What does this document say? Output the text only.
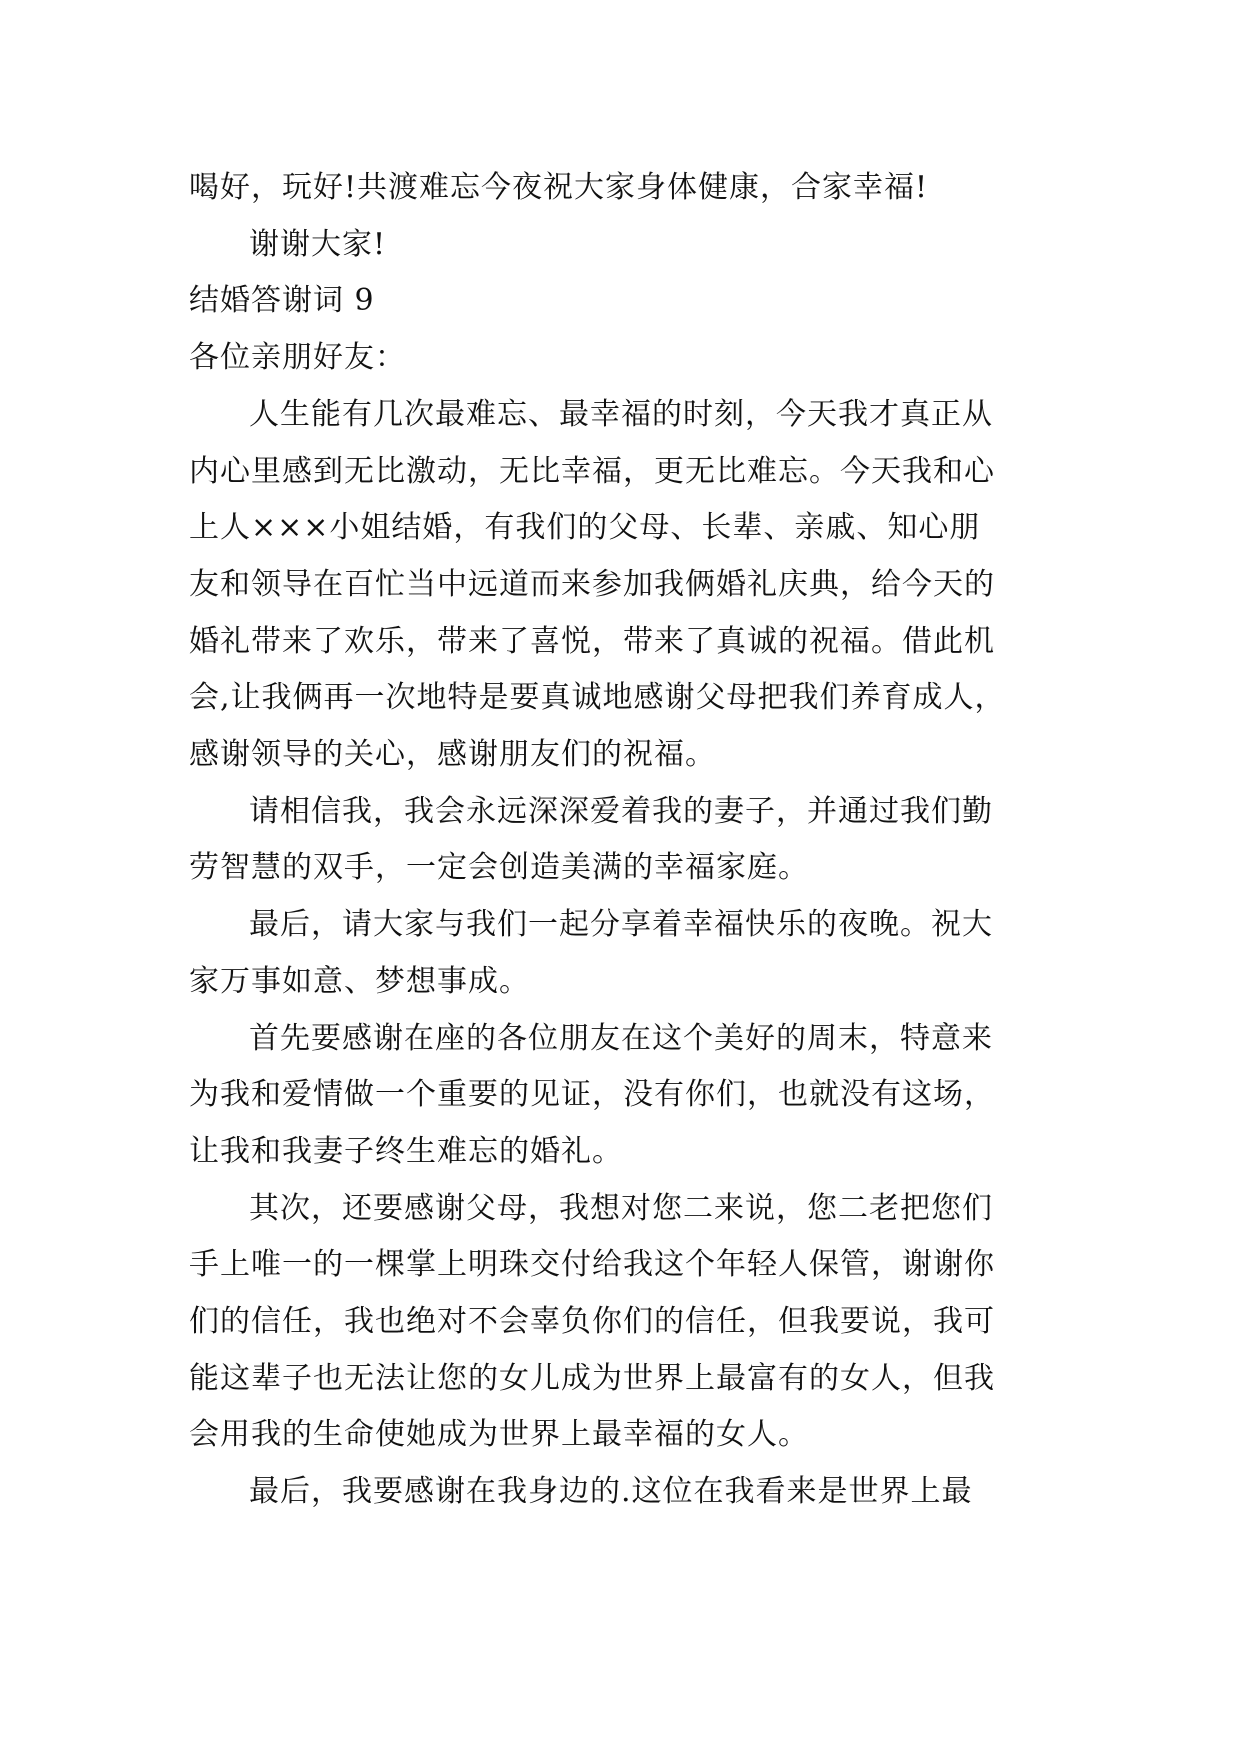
喝好，玩好!共渡难忘今夜祝大家身体健康，合家幸福!

谢谢大家!

结婚答谢词 9

各位亲朋好友：

人生能有几次最难忘、最幸福的时刻，今天我才真正从
内心里感到无比激动，无比幸福，更无比难忘。今天我和心
上人×××小姐结婚，有我们的父母、长辈、亲戚、知心朋
友和领导在百忙当中远道而来参加我俩婚礼庆典，给今天的
婚礼带来了欢乐，带来了喜悦，带来了真诚的祝福。借此机
会,让我俩再一次地特是要真诚地感谢父母把我们养育成人，
感谢领导的关心，感谢朋友们的祝福。

请相信我，我会永远深深爱着我的妻子，并通过我们勤
劳智慧的双手，一定会创造美满的幸福家庭。

最后，请大家与我们一起分享着幸福快乐的夜晚。祝大
家万事如意、梦想事成。

首先要感谢在座的各位朋友在这个美好的周末，特意来
为我和爱情做一个重要的见证，没有你们，也就没有这场，
让我和我妻子终生难忘的婚礼。

其次，还要感谢父母，我想对您二来说，您二老把您们
手上唯一的一棵掌上明珠交付给我这个年轻人保管，谢谢你
们的信任，我也绝对不会辜负你们的信任，但我要说，我可
能这辈子也无法让您的女儿成为世界上最富有的女人，但我
会用我的生命使她成为世界上最幸福的女人。

最后，我要感谢在我身边的.这位在我看来是世界上最
